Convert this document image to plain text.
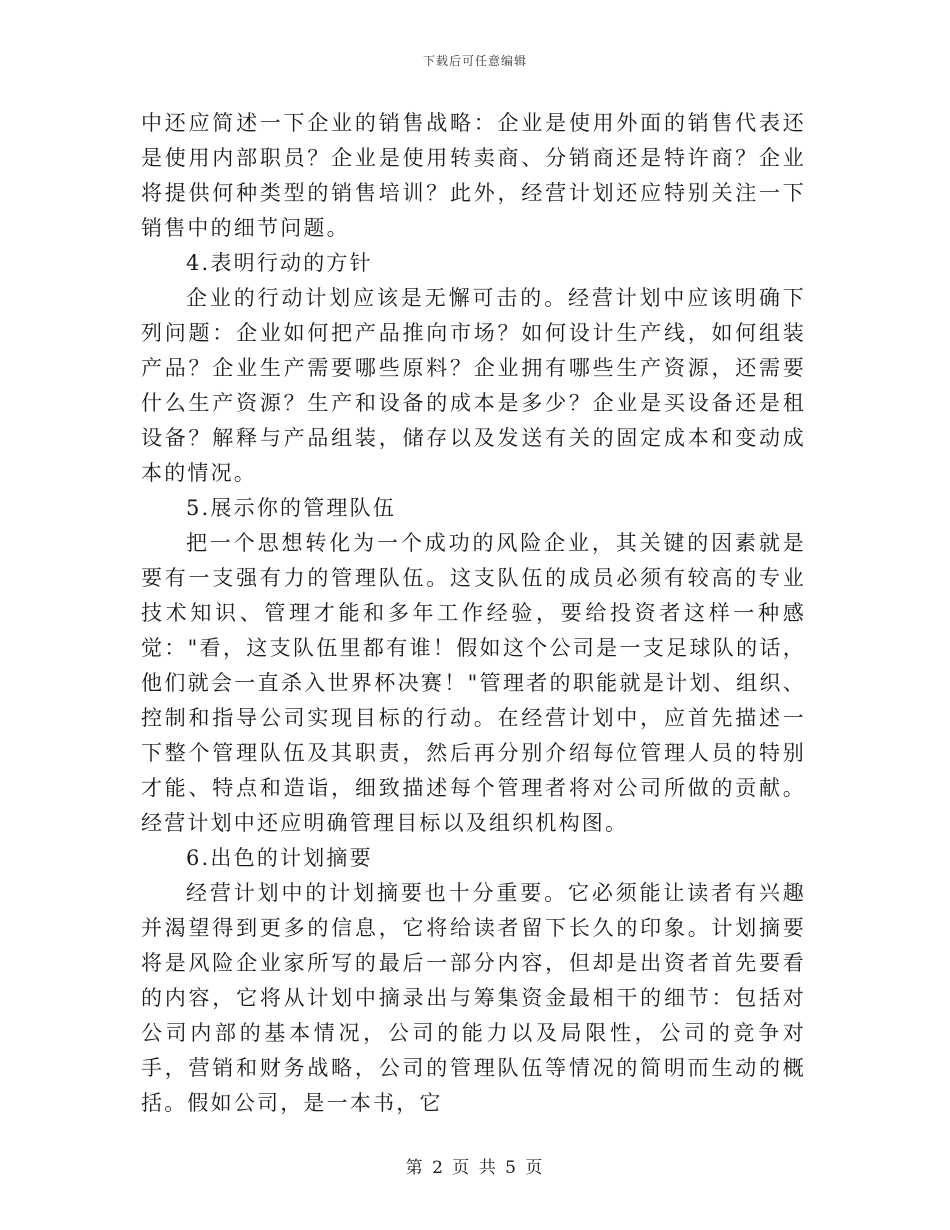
下载后可任意编辑

中还应简述一下企业的销售战略：企业是使用外面的销售代表还是使用内部职员？企业是使用转卖商、分销商还是特许商？企业将提供何种类型的销售培训？此外，经营计划还应特别关注一下销售中的细节问题。

4.表明行动的方针

企业的行动计划应该是无懈可击的。经营计划中应该明确下列问题：企业如何把产品推向市场？如何设计生产线，如何组装产品？企业生产需要哪些原料？企业拥有哪些生产资源，还需要什么生产资源？生产和设备的成本是多少？企业是买设备还是租设备？解释与产品组装，储存以及发送有关的固定成本和变动成本的情况。

5.展示你的管理队伍

把一个思想转化为一个成功的风险企业，其关键的因素就是要有一支强有力的管理队伍。这支队伍的成员必须有较高的专业技术知识、管理才能和多年工作经验，要给投资者这样一种感觉："看，这支队伍里都有谁！假如这个公司是一支足球队的话，他们就会一直杀入世界杯决赛！"管理者的职能就是计划、组织、控制和指导公司实现目标的行动。在经营计划中，应首先描述一下整个管理队伍及其职责，然后再分别介绍每位管理人员的特别才能、特点和造诣，细致描述每个管理者将对公司所做的贡献。经营计划中还应明确管理目标以及组织机构图。

6.出色的计划摘要

经营计划中的计划摘要也十分重要。它必须能让读者有兴趣并渴望得到更多的信息，它将给读者留下长久的印象。计划摘要将是风险企业家所写的最后一部分内容，但却是出资者首先要看的内容，它将从计划中摘录出与筹集资金最相干的细节：包括对公司内部的基本情况，公司的能力以及局限性，公司的竞争对手，营销和财务战略，公司的管理队伍等情况的简明而生动的概括。假如公司，是一本书，它

第 2 页 共 5 页
